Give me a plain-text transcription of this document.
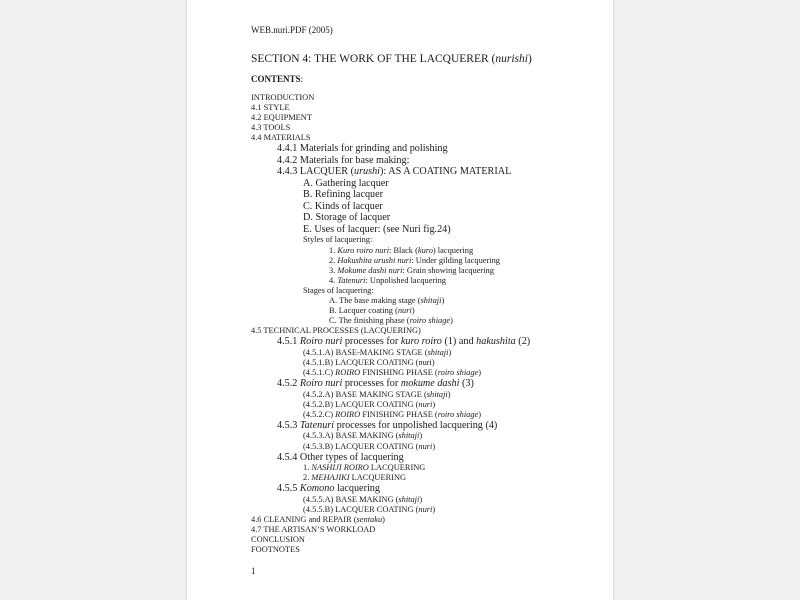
WEB.nuri.PDF (2005)
SECTION 4: THE WORK OF THE LACQUERER (nurishi)
CONTENTS:
INTRODUCTION
4.1 STYLE
4.2 EQUIPMENT
4.3 TOOLS
4.4 MATERIALS
4.4.1 Materials for grinding and polishing
4.4.2 Materials for base making:
4.4.3 LACQUER (urushi): AS A COATING MATERIAL
A. Gathering lacquer
B. Refining lacquer
C. Kinds of lacquer
D. Storage of lacquer
E. Uses of lacquer: (see Nuri fig.24)
Styles of lacquering:
1. Kuro roiro nuri: Black (kuro) lacquering
2. Hakushita urushi nuri: Under gilding lacquering
3. Mokume dashi nuri: Grain showing lacquering
4. Tatenuri: Unpolished lacquering
Stages of lacquering:
A. The base making stage (shitaji)
B. Lacquer coating (nuri)
C. The finishing phase (roiro shiage)
4.5 TECHNICAL PROCESSES (LACQUERING)
4.5.1 Roiro nuri processes for kuro roiro (1) and hakushita (2)
(4.5.1.A) BASE-MAKING STAGE (shitaji)
(4.5.1.B) LACQUER COATING (nuri)
(4.5.1.C) ROIRO FINISHING PHASE (roiro shiage)
4.5.2 Roiro nuri processes for mokume dashi (3)
(4.5.2.A) BASE MAKING STAGE (shitaji)
(4.5.2.B) LACQUER COATING (nuri)
(4.5.2.C) ROIRO FINISHING PHASE (roiro shiage)
4.5.3 Tatenuri processes for unpolished lacquering (4)
(4.5.3.A) BASE MAKING (shitaji)
(4.5.3.B) LACQUER COATING (nuri)
4.5.4 Other types of lacquering
1. NASHIJI ROIRO LACQUERING
2. MEHAJIKI LACQUERING
4.5.5 Komono lacquering
(4.5.5.A) BASE MAKING (shitaji)
(4.5.5.B) LACQUER COATING (nuri)
4.6 CLEANING and REPAIR (sentaku)
4.7 THE ARTISAN’S WORKLOAD
CONCLUSION
FOOTNOTES
1
